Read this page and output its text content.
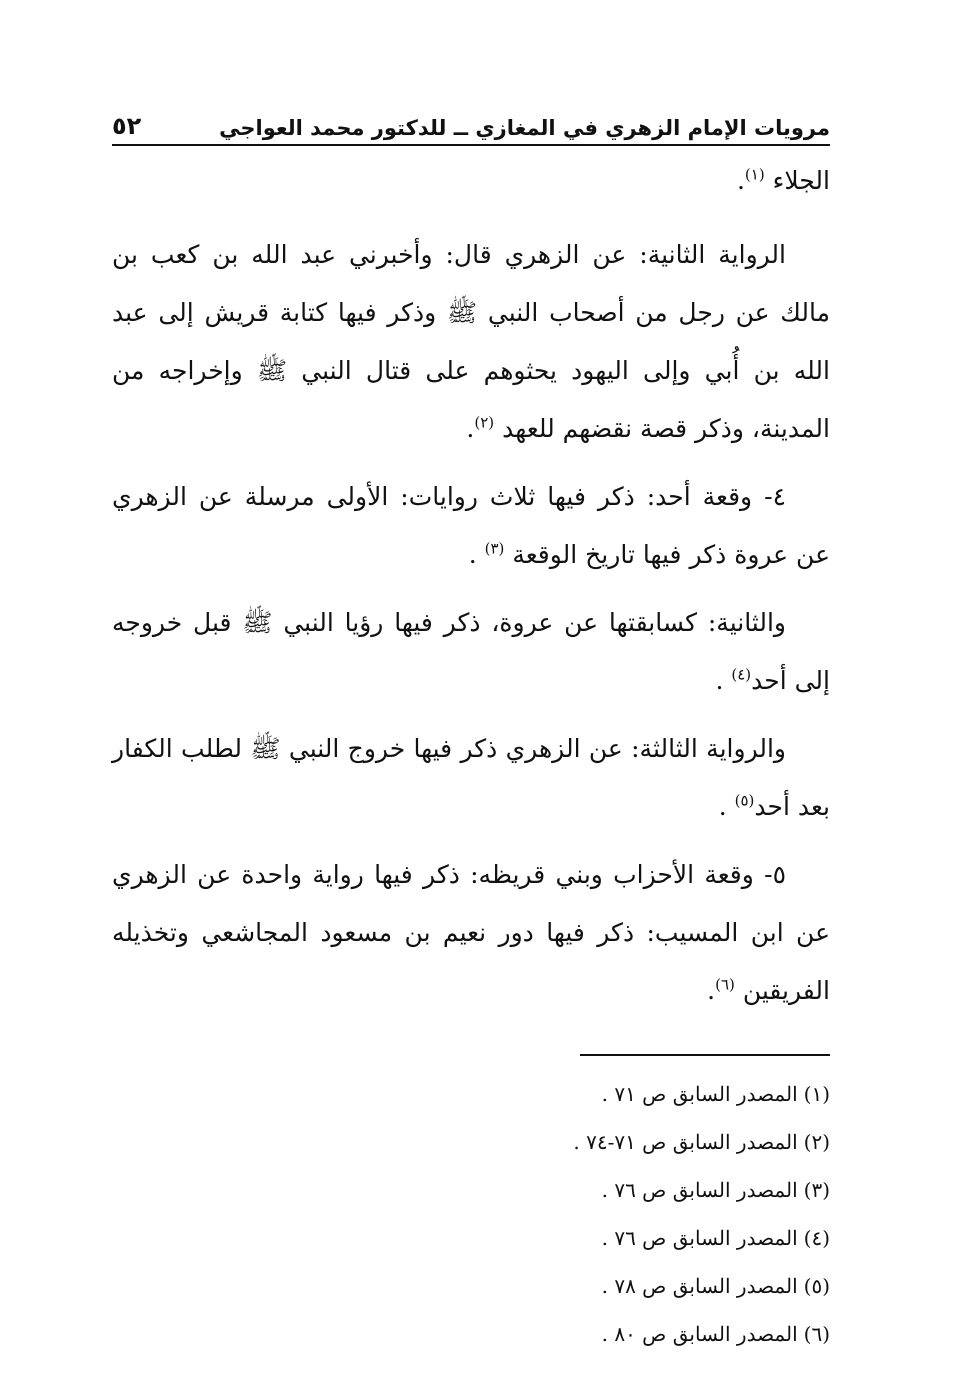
مرويات الإمام الزهري في المغازي ــ للدكتور محمد العواجي
٥٢

الجلاء $^{(١)}$.

الرواية الثانية: عن الزهري قال: وأخبرني عبد الله بن كعب بن مالك عن رجل من أصحاب النبي ﷺ وذكر فيها كتابة قريش إلى عبد الله بن أُبي وإلى اليهود يحثوهم على قتال النبي ﷺ وإخراجه من المدينة، وذكر قصة نقضهم للعهد $^{(٢)}$.

٤- وقعة أحد: ذكر فيها ثلاث روايات: الأولى مرسلة عن الزهري عن عروة ذكر فيها تاريخ الوقعة $^{(٣)}$ .

والثانية: كسابقتها عن عروة، ذكر فيها رؤيا النبي ﷺ قبل خروجه إلى أحد$^{(٤)}$ .

والرواية الثالثة: عن الزهري ذكر فيها خروج النبي ﷺ لطلب الكفار بعد أحد$^{(٥)}$ .

٥- وقعة الأحزاب وبني قريظه: ذكر فيها رواية واحدة عن الزهري عن ابن المسيب: ذكر فيها دور نعيم بن مسعود المجاشعي وتخذيله الفريقين $^{(٦)}$.

(١)المصدر السابق ص ٧١ .
(٢)المصدر السابق ص ٧١-٧٤ .
(٣)المصدر السابق ص ٧٦ .
(٤)المصدر السابق ص ٧٦ .
(٥)المصدر السابق ص ٧٨ .
(٦)المصدر السابق ص ٨٠ .
